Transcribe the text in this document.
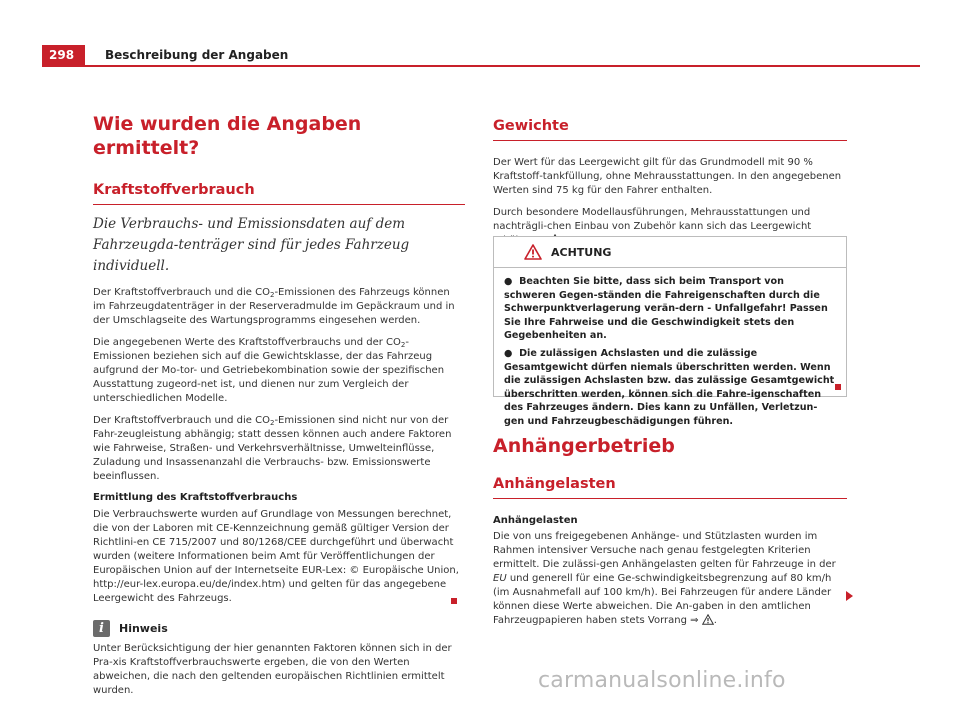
298	Beschreibung der Angaben
Wie wurden die Angaben ermittelt?
Kraftstoffverbrauch

Die Verbrauchs- und Emissionsdaten auf dem Fahrzeugda-tenträger sind für jedes Fahrzeug individuell.

Der Kraftstoffverbrauch und die $CO_2$-Emissionen des Fahrzeugs können im Fahrzeugdatenträger in der Reserveradmulde im Gepäckraum und in der Umschlagseite des Wartungsprogramms eingesehen werden.

Die angegebenen Werte des Kraftstoffverbrauchs und der $CO_2$-Emissionen beziehen sich auf die Gewichtsklasse, der das Fahrzeug aufgrund der Mo-tor- und Getriebekombination sowie der spezifischen Ausstattung zugeord-net ist, und dienen nur zum Vergleich der unterschiedlichen Modelle.

Der Kraftstoffverbrauch und die $CO_2$-Emissionen sind nicht nur von der Fahr-zeugleistung abhängig; statt dessen können auch andere Faktoren wie Fahrweise, Straßen- und Verkehrsverhältnisse, Umwelteinflüsse, Zuladung und Insassenanzahl die Verbrauchs- bzw. Emissionswerte beeinflussen.

Ermittlung des Kraftstoffverbrauchs

Die Verbrauchswerte wurden auf Grundlage von Messungen berechnet, die von der Laboren mit CE-Kennzeichnung gemäß gültiger Version der Richtlini-en CE 715/2007 und 80/1268/CEE durchgeführt und überwacht wurden (weitere Informationen beim Amt für Veröffentlichungen der Europäischen Union auf der Internetseite EUR-Lex: © Europäische Union, http://eur-lex.europa.eu/de/index.htm) und gelten für das angegebene Leergewicht des Fahrzeugs.

i	Hinweis

Unter Berücksichtigung der hier genannten Faktoren können sich in der Pra-xis Kraftstoffverbrauchswerte ergeben, die von den Werten abweichen, die nach den geltenden europäischen Richtlinien ermittelt wurden.

Gewichte

Der Wert für das Leergewicht gilt für das Grundmodell mit 90 % Kraftstoff-tankfüllung, ohne Mehrausstattungen. In den angegebenen Werten sind 75 kg für den Fahrer enthalten.

Durch besondere Modellausführungen, Mehrausstattungen und nachträgli-chen Einbau von Zubehör kann sich das Leergewicht

ACHTUNG

● Beachten Sie bitte, dass sich beim Transport von schweren Gegen-ständen die Fahreigenschaften durch die Schwerpunktverlagerung verän-dern - Unfallgefahr! Passen Sie Ihre Fahrweise und die Geschwindigkeit stets den Gegebenheiten an.

● Die zulässigen Achslasten und die zulässige Gesamtgewicht dürfen niemals überschritten werden. Wenn die zulässigen Achslasten bzw. das zulässige Gesamtgewicht überschritten werden, können sich die Fahre-igenschaften des Fahrzeuges ändern. Dies kann zu Unfällen, Verletzun-gen und Fahrzeugbeschädigungen führen.

Anhängerbetrieb
Anhängelasten

Anhängelasten

Die von uns freigegebenen Anhänge- und Stützlasten wurden im Rahmen intensiver Versuche nach genau festgelegten Kriterien ermittelt. Die zulässi-gen Anhängelasten gelten für Fahrzeuge in der EU und generell für eine Ge-schwindigkeitsbegrenzung auf 80 km/h (im Ausnahmefall auf 100 km/h). Bei Fahrzeugen für andere Länder können diese Werte abweichen. Die An-gaben in den amtlichen Fahrzeugpapieren haben stets Vorrang ⇒ .

carmanualsonline.info
